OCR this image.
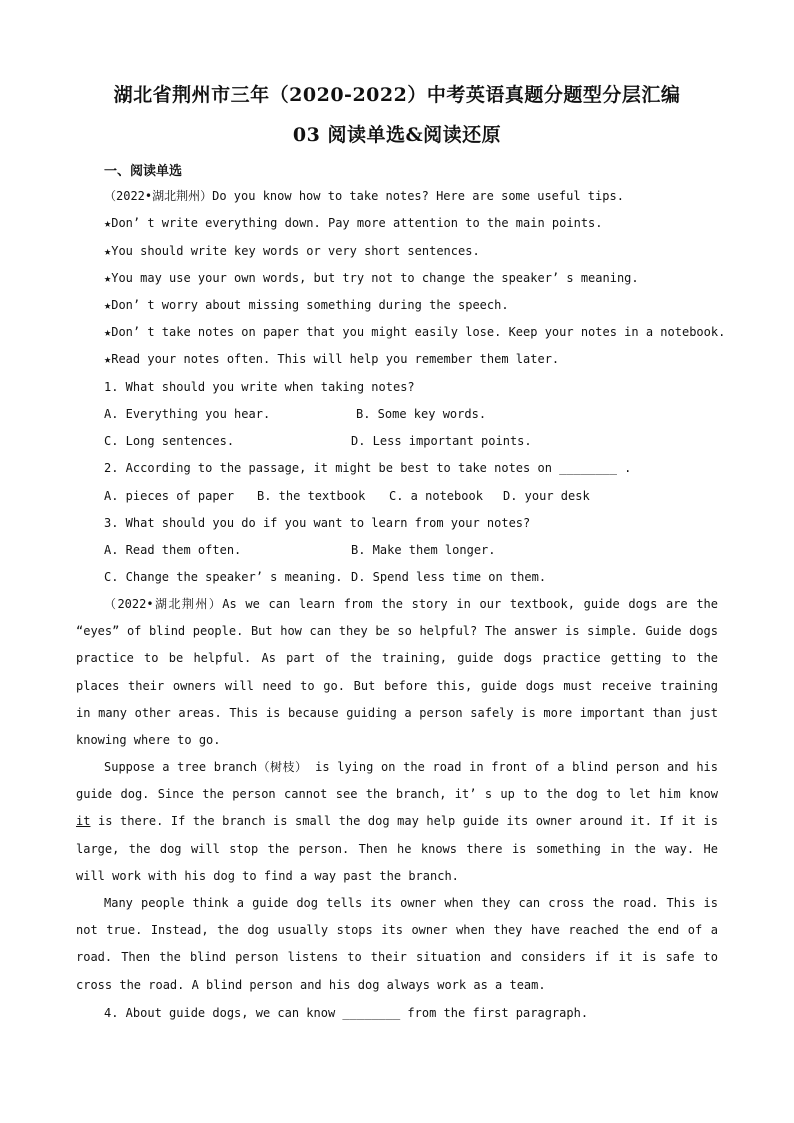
湖北省荆州市三年（2020-2022）中考英语真题分题型分层汇编
03 阅读单选&阅读还原

一、阅读单选

（2022•湖北荆州）Do you know how to take notes? Here are some useful tips.

★Don’ t write everything down. Pay more attention to the main points.

★You should write key words or very short sentences.

★You may use your own words, but try not to change the speaker’ s meaning.

★Don’ t worry about missing something during the speech.

★Don’ t take notes on paper that you might easily lose. Keep your notes in a notebook.

★Read your notes often. This will help you remember them later.

1. What should you write when taking notes?

A. Everything you hear.	B. Some key words.

C. Long sentences.	D. Less important points.

2. According to the passage, it might be best to take notes on ________ .

A. pieces of paper B. the textbook C. a notebook D. your desk

3. What should you do if you want to learn from your notes?

A. Read them often.	B. Make them longer.

C. Change the speaker’ s meaning. D. Spend less time on them.

（2022•湖北荆州）As we can learn from the story in our textbook, guide dogs are the “eyes” of blind people. But how can they be so helpful? The answer is simple. Guide dogs practice to be helpful. As part of the training, guide dogs practice getting to the places their owners will need to go. But before this, guide dogs must receive training in many other areas. This is because guiding a person safely is more important than just knowing where to go.

Suppose a tree branch（树枝） is lying on the road in front of a blind person and his guide dog. Since the person cannot see the branch, it’ s up to the dog to let him know it is there. If the branch is small the dog may help guide its owner around it. If it is large, the dog will stop the person. Then he knows there is something in the way. He will work with his dog to find a way past the branch.

Many people think a guide dog tells its owner when they can cross the road. This is not true. Instead, the dog usually stops its owner when they have reached the end of a road. Then the blind person listens to their situation and considers if it is safe to cross the road. A blind person and his dog always work as a team.

4. About guide dogs, we can know ________ from the first paragraph.
